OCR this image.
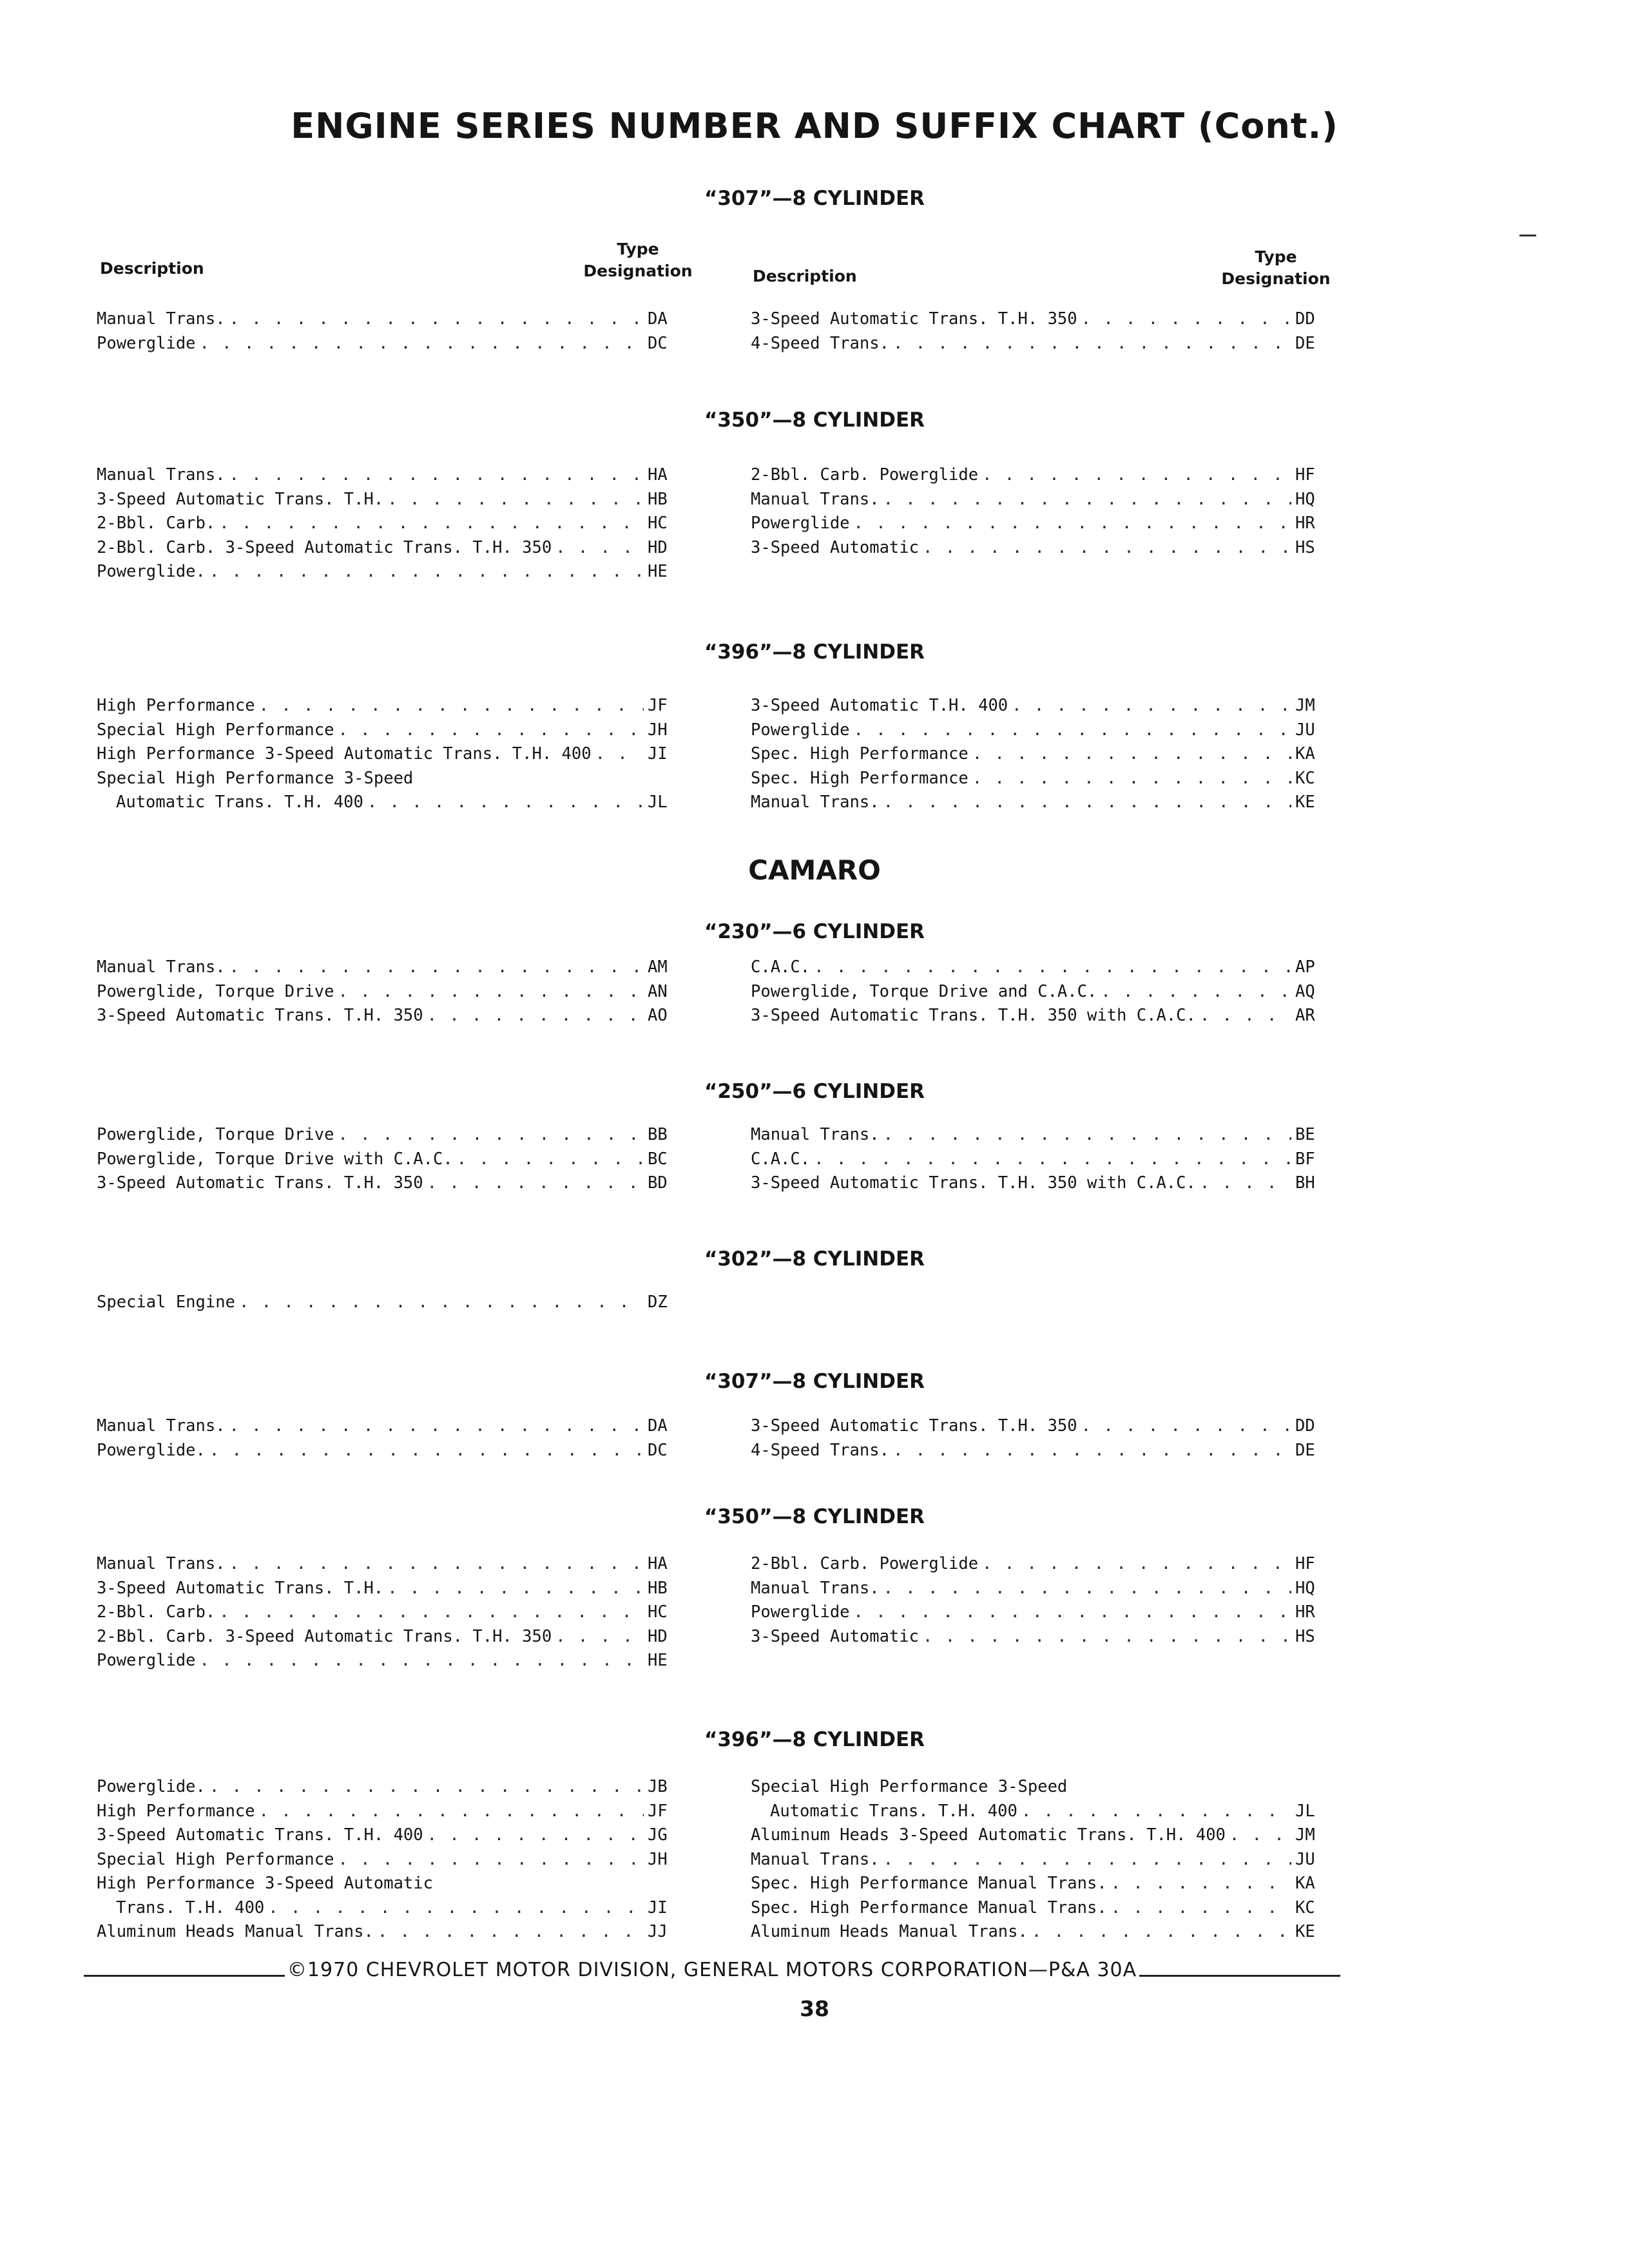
ENGINE SERIES NUMBER AND SUFFIX CHART (Cont.)
“307”—8 CYLINDER
Description
Type
Designation	Description
Type
Designation
“350”—8 CYLINDER
“396”—8 CYLINDER
CAMARO
“230”—6 CYLINDER
“250”—6 CYLINDER
“302”—8 CYLINDER
“307”—8 CYLINDER
“350”—8 CYLINDER
“396”—8 CYLINDER
Manual Trans. . . .	DA
Powerglide . . .	DC
3-Speed Automatic Trans. T.H. 350 . . .	DD
4-Speed Trans. . . .	DE
Manual Trans. . . .	HA
3-Speed Automatic Trans. T.H. . . .	HB
2-Bbl. Carb. . . .	HC
2-Bbl. Carb. 3-Speed Automatic Trans. T.H. 350 . . .	HD
Powerglide. . . .	HE
2-Bbl. Carb. Powerglide . . .	HF
Manual Trans. . . .	HQ
Powerglide . . .	HR
3-Speed Automatic . . .	HS
High Performance . . .	JF
Special High Performance . . .	JH
High Performance 3-Speed Automatic Trans. T.H. 400 . . .	JI
Special High Performance 3-Speed
Automatic Trans. T.H. 400 . . .	JL
3-Speed Automatic T.H. 400 . . .	JM
Powerglide . . .	JU
Spec. High Performance . . .	KA
Spec. High Performance . . .	KC
Manual Trans. . . .	KE
Manual Trans. . . .	AM
Powerglide, Torque Drive . . .	AN
3-Speed Automatic Trans. T.H. 350 . . .	AO
C.A.C. . . .	AP
Powerglide, Torque Drive and C.A.C. . . .	AQ
3-Speed Automatic Trans. T.H. 350 with C.A.C. . . .	AR
Powerglide, Torque Drive . . .	BB
Powerglide, Torque Drive with C.A.C. . . .	BC
3-Speed Automatic Trans. T.H. 350 . . .	BD
Manual Trans. . . .	BE
C.A.C. . . .	BF
3-Speed Automatic Trans. T.H. 350 with C.A.C. . . .	BH
Special Engine . . .	DZ
Manual Trans. . . .	DA
Powerglide. . . .	DC
3-Speed Automatic Trans. T.H. 350 . . .	DD
4-Speed Trans. . . .	DE
Manual Trans. . . .	HA
3-Speed Automatic Trans. T.H. . . .	HB
2-Bbl. Carb. . . .	HC
2-Bbl. Carb. 3-Speed Automatic Trans. T.H. 350 . . .	HD
Powerglide . . .	HE
2-Bbl. Carb. Powerglide . . .	HF
Manual Trans. . . .	HQ
Powerglide . . .	HR
3-Speed Automatic . . .	HS
Powerglide. . . .	JB
High Performance . . .	JF
3-Speed Automatic Trans. T.H. 400 . . .	JG
Special High Performance . . .	JH
High Performance 3-Speed Automatic
Trans. T.H. 400 . . .	JI
Aluminum Heads Manual Trans. . . .	JJ
Special High Performance 3-Speed
Automatic Trans. T.H. 400 . . .	JL
Aluminum Heads 3-Speed Automatic Trans. T.H. 400 . . .	JM
Manual Trans. . . .	JU
Spec. High Performance Manual Trans. . . .	KA
Spec. High Performance Manual Trans. . . .	KC
Aluminum Heads Manual Trans. . . .	KE
©1970 CHEVROLET MOTOR DIVISION, GENERAL MOTORS CORPORATION—P&A 30A
38
